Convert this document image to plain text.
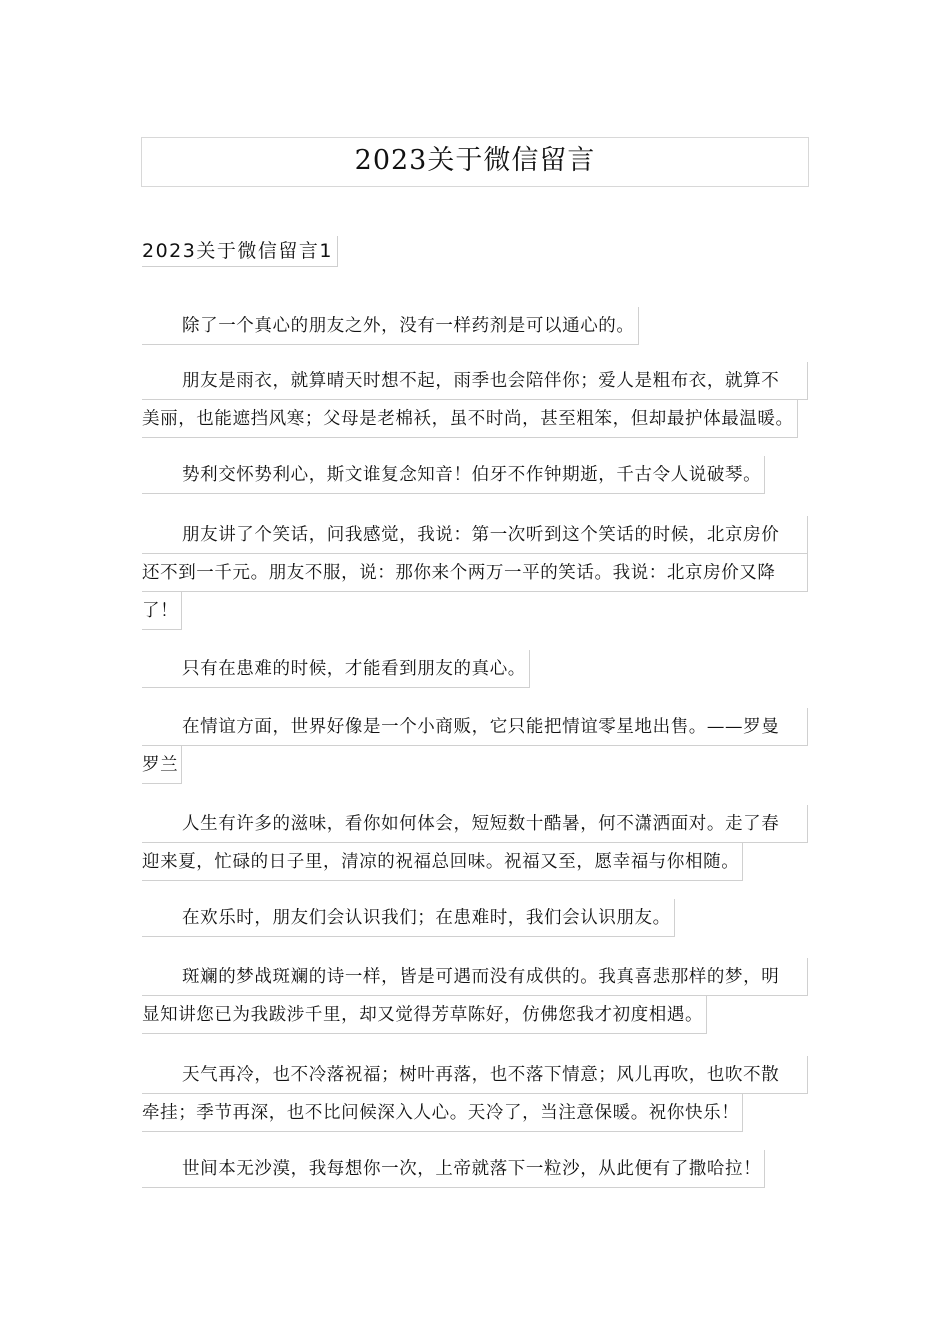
2023关于微信留言
2023关于微信留言1
除了一个真心的朋友之外，没有一样药剂是可以通心的。
朋友是雨衣，就算晴天时想不起，雨季也会陪伴你；爱人是粗布衣，就算不
美丽，也能遮挡风寒；父母是老棉袄，虽不时尚，甚至粗笨，但却最护体最温暖。
势利交怀势利心，斯文谁复念知音！伯牙不作钟期逝，千古令人说破琴。
朋友讲了个笑话，问我感觉，我说：第一次听到这个笑话的时候，北京房价
还不到一千元。朋友不服，说：那你来个两万一平的笑话。我说：北京房价又降
了！
只有在患难的时候，才能看到朋友的真心。
在情谊方面，世界好像是一个小商贩，它只能把情谊零星地出售。——罗曼
罗兰
人生有许多的滋味，看你如何体会，短短数十酷暑，何不潇洒面对。走了春
迎来夏，忙碌的日子里，清凉的祝福总回味。祝福又至，愿幸福与你相随。
在欢乐时，朋友们会认识我们；在患难时，我们会认识朋友。
斑斓的梦战斑斓的诗一样，皆是可遇而没有成供的。我真喜悲那样的梦，明
显知讲您已为我跋涉千里，却又觉得芳草陈好，仿佛您我才初度相遇。
天气再冷，也不冷落祝福；树叶再落，也不落下情意；风儿再吹，也吹不散
牵挂；季节再深，也不比问候深入人心。天冷了，当注意保暖。祝你快乐！
世间本无沙漠，我每想你一次，上帝就落下一粒沙，从此便有了撒哈拉！
